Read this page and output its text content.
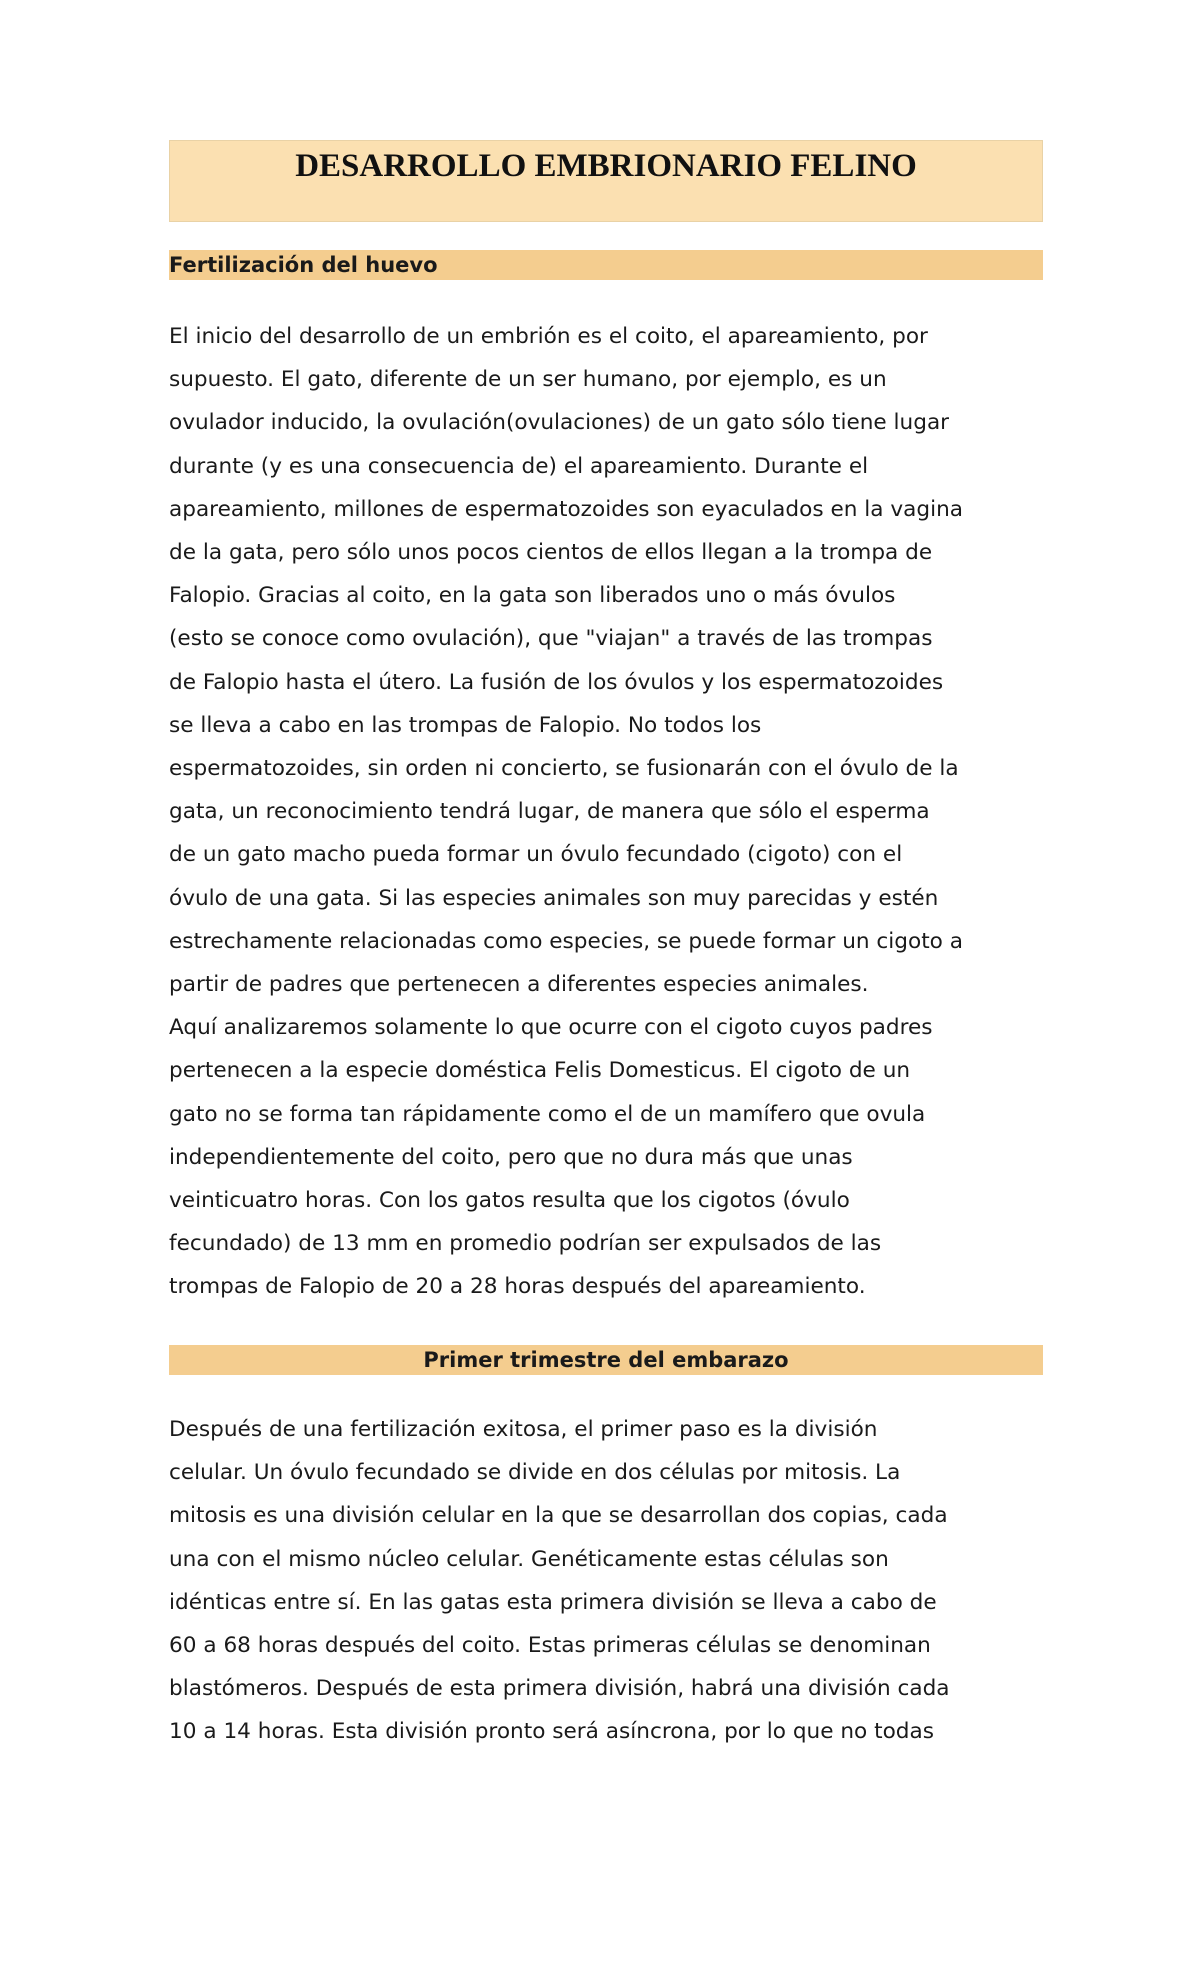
DESARROLLO EMBRIONARIO FELINO
Fertilización del huevo

El inicio del desarrollo de un embrión es el coito, el apareamiento, por
supuesto. El gato, diferente de un ser humano, por ejemplo, es un
ovulador inducido, la ovulación(ovulaciones) de un gato sólo tiene lugar
durante (y es una consecuencia de) el apareamiento. Durante el
apareamiento, millones de espermatozoides son eyaculados en la vagina
de la gata, pero sólo unos pocos cientos de ellos llegan a la trompa de
Falopio. Gracias al coito, en la gata son liberados uno o más óvulos
(esto se conoce como ovulación), que "viajan" a través de las trompas
de Falopio hasta el útero. La fusión de los óvulos y los espermatozoides
se lleva a cabo en las trompas de Falopio. No todos los
espermatozoides, sin orden ni concierto, se fusionarán con el óvulo de la
gata, un reconocimiento tendrá lugar, de manera que sólo el esperma
de un gato macho pueda formar un óvulo fecundado (cigoto) con el
óvulo de una gata. Si las especies animales son muy parecidas y estén
estrechamente relacionadas como especies, se puede formar un cigoto a
partir de padres que pertenecen a diferentes especies animales.
Aquí analizaremos solamente lo que ocurre con el cigoto cuyos padres
pertenecen a la especie doméstica Felis Domesticus. El cigoto de un
gato no se forma tan rápidamente como el de un mamífero que ovula
independientemente del coito, pero que no dura más que unas
veinticuatro horas. Con los gatos resulta que los cigotos (óvulo
fecundado) de 13 mm en promedio podrían ser expulsados de las
trompas de Falopio de 20 a 28 horas después del apareamiento.

Primer trimestre del embarazo

Después de una fertilización exitosa, el primer paso es la división
celular. Un óvulo fecundado se divide en dos células por mitosis. La
mitosis es una división celular en la que se desarrollan dos copias, cada
una con el mismo núcleo celular. Genéticamente estas células son
idénticas entre sí. En las gatas esta primera división se lleva a cabo de
60 a 68 horas después del coito. Estas primeras células se denominan
blastómeros. Después de esta primera división, habrá una división cada
10 a 14 horas. Esta división pronto será asíncrona, por lo que no todas
